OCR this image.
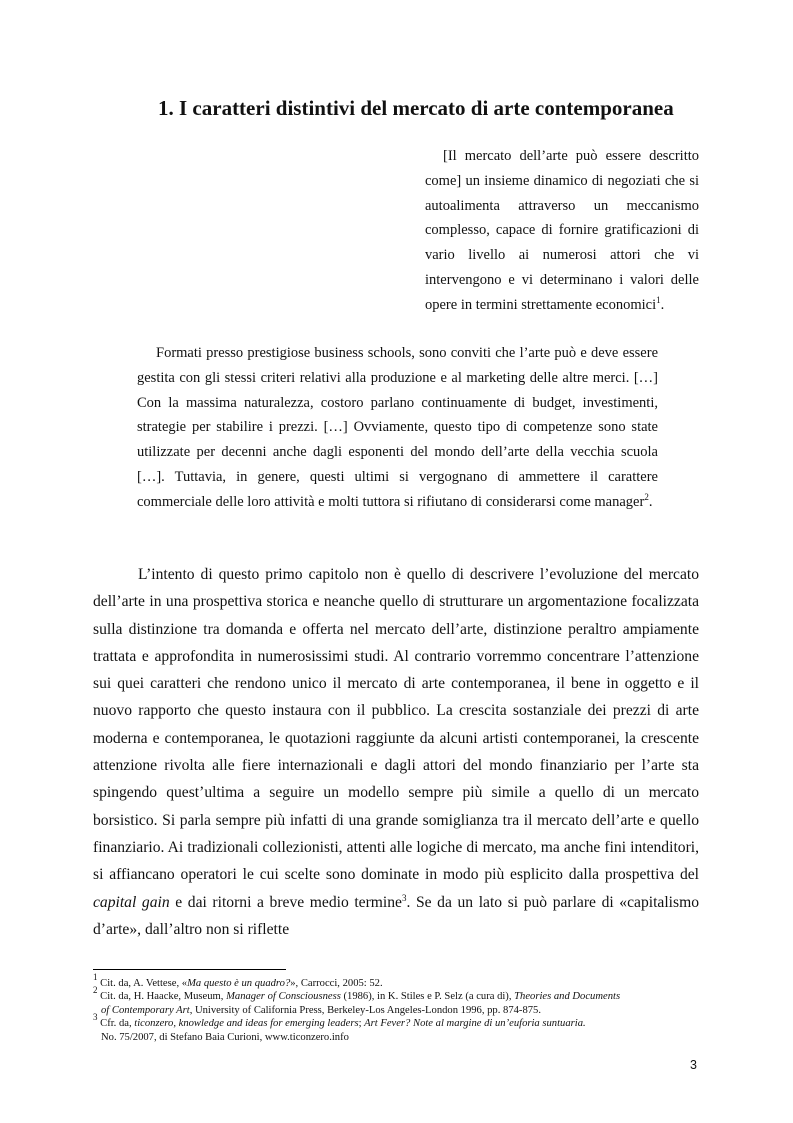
1. I caratteri distintivi del mercato di arte contemporanea

[Il mercato dell’arte può essere descritto come] un insieme dinamico di negoziati che si autoalimenta attraverso un meccanismo complesso, capace di fornire gratificazioni di vario livello ai numerosi attori che vi intervengono e vi determinano i valori delle opere in termini strettamente economici$^1$.

Formati presso prestigiose business schools, sono conviti che l’arte può e deve essere gestita con gli stessi criteri relativi alla produzione e al marketing delle altre merci. […] Con la massima naturalezza, costoro parlano continuamente di budget, investimenti, strategie per stabilire i prezzi. […] Ovviamente, questo tipo di competenze sono state utilizzate per decenni anche dagli esponenti del mondo dell’arte della vecchia scuola […]. Tuttavia, in genere, questi ultimi si vergognano di ammettere il carattere commerciale delle loro attività e molti tuttora si rifiutano di considerarsi come manager$^2$.

L’intento di questo primo capitolo non è quello di descrivere l’evoluzione del mercato dell’arte in una prospettiva storica e neanche quello di strutturare un argomentazione focalizzata sulla distinzione tra domanda e offerta nel mercato dell’arte, distinzione peraltro ampiamente trattata e approfondita in numerosissimi studi. Al contrario vorremmo concentrare l’attenzione sui quei caratteri che rendono unico il mercato di arte contemporanea, il bene in oggetto e il nuovo rapporto che questo instaura con il pubblico. La crescita sostanziale dei prezzi di arte moderna e contemporanea, le quotazioni raggiunte da alcuni artisti contemporanei, la crescente attenzione rivolta alle fiere internazionali e dagli attori del mondo finanziario per l’arte sta spingendo quest’ultima a seguire un modello sempre più simile a quello di un mercato borsistico. Si parla sempre più infatti di una grande somiglianza tra il mercato dell’arte e quello finanziario. Ai tradizionali collezionisti, attenti alle logiche di mercato, ma anche fini intenditori, si affiancano operatori le cui scelte sono dominate in modo più esplicito dalla prospettiva del capital gain e dai ritorni a breve medio termine$^3$. Se da un lato si può parlare di «capitalismo d’arte», dall’altro non si riflette

$^1$ Cit. da, A. Vettese, «Ma questo è un quadro?», Carrocci, 2005: 52.

$^2$ Cit. da, H. Haacke, Museum, Manager of Consciousness (1986), in K. Stiles e P. Selz (a cura di), Theories and Documents
of Contemporary Art, University of California Press, Berkeley-Los Angeles-London 1996, pp. 874-875.

$^3$ Cfr. da, ticonzero, knowledge and ideas for emerging leaders; Art Fever? Note al margine di un’euforia suntuaria.
No. 75/2007, di Stefano Baia Curioni, www.ticonzero.info

3
